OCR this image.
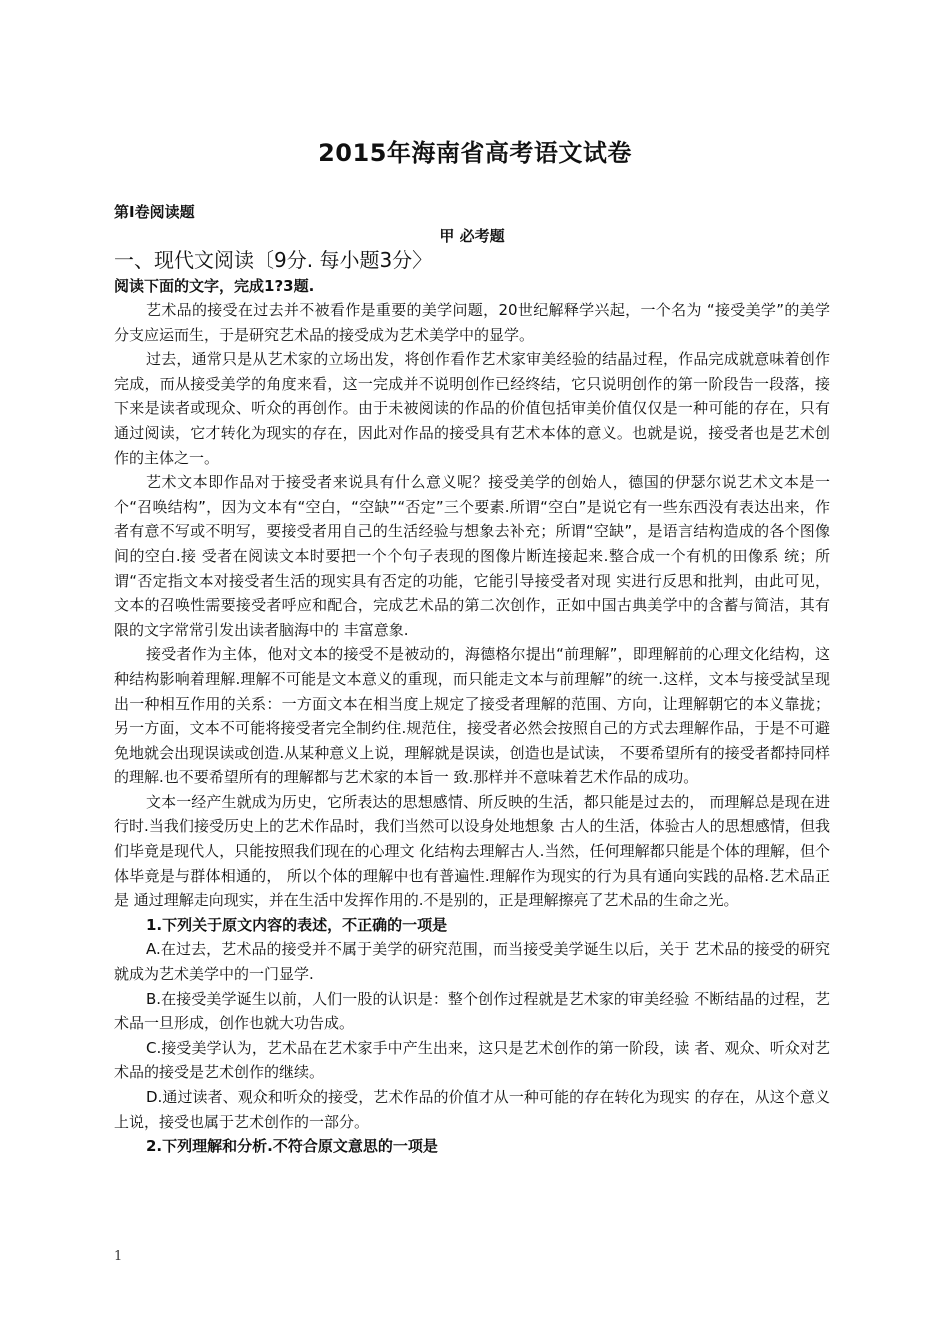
2015年海南省高考语文试卷
第Ⅰ卷阅读题
甲 必考题
一、现代文阅读〔9分. 每小题3分〉
阅读下面的文字，完成1?3题.

艺术品的接受在过去并不被看作是重要的美学问题，20世纪解释学兴起，一个名为 “接受美学”的美学分支应运而生，于是研究艺术品的接受成为艺术美学中的显学。

过去，通常只是从艺术家的立场出发，将创作看作艺术家审美经验的结晶过程，作品完成就意味着创作完成，而从接受美学的角度来看，这一完成并不说明创作已经终结，它只说明创作的第一阶段告一段落，接下来是读者或现众、听众的再创作。由于未被阅读的作品的价值包括审美价值仅仅是一种可能的存在，只有通过阅读，它才转化为现实的存在，因此对作品的接受具有艺术本体的意义。也就是说，接受者也是艺术创作的主体之一。

艺术文本即作品对于接受者来说具有什么意义呢？接受美学的创始人，德国的伊瑟尔说艺术文本是一个“召唤结构”，因为文本有“空白，“空缺”“否定”三个要素.所谓“空白”是说它有一些东西没有表达出来，作者有意不写或不明写，要接受者用自己的生活经验与想象去补充；所谓“空缺”，是语言结构造成的各个图像间的空白.接 受者在阅读文本时要把一个个句子表现的图像片断连接起来.整合成一个有机的田像系 统；所谓“否定指文本对接受者生活的现实具有否定的功能，它能引导接受者对现 实进行反思和批判，由此可见，文本的召唤性需要接受者呼应和配合，完成艺术品的第二次创作，正如中国古典美学中的含蓄与简洁，其有限的文字常常引发出读者脑海中的 丰富意象.

接受者作为主体，他对文本的接受不是被动的，海德格尔提出“前理解”，即理解前的心理文化结构，这种结构影响着理解.理解不可能是文本意义的重现，而只能走文本与前理解”的统一.这样，文本与接受試呈现出一种相互作用的关系：一方面文本在相当度上规定了接受者理解的范围、方向，让理解朝它的本义靠拢；另一方面，文本不可能将接受者完全制约住.规范住，接受者必然会按照自己的方式去理解作品，于是不可避免地就会出现误读或创造.从某种意义上说，理解就是误读，创造也是试读， 不要希望所有的接受者都持同样的理解.也不要希望所有的理解都与艺术家的本旨一 致.那样并不意味着艺术作品的成功。

文本一经产生就成为历史，它所表达的思想感情、所反映的生活，都只能是过去的， 而理解总是现在进行时.当我们接受历史上的艺术作品时，我们当然可以设身处地想象 古人的生活，体验古人的思想感情，但我们毕竟是现代人，只能按照我们现在的心理文 化结构去理解古人.当然，任何理解都只能是个体的理解，但个体毕竟是与群体相通的， 所以个体的理解中也有普遍性.理解作为现实的行为具有通向实践的品格.艺术品正是 通过理解走向现实，并在生活中发挥作用的.不是别的，正是理解擦亮了艺术品的生命之光。

1.下列关于原文内容的表述，不正确的一项是

A.在过去，艺术品的接受并不属于美学的研究范围，而当接受美学诞生以后，关于 艺术品的接受的研究就成为艺术美学中的一门显学.

B.在接受美学诞生以前，人们一股的认识是：整个创作过程就是艺术家的审美经验 不断结晶的过程，艺术品一旦形成，创作也就大功告成。

C.接受美学认为，艺术品在艺术家手中产生出来，这只是艺术创作的第一阶段，读 者、观众、听众对艺术品的接受是艺术创作的继续。

D.通过读者、观众和听众的接受，艺术作品的价值才从一种可能的存在转化为现实 的存在，从这个意义上说，接受也属于艺术创作的一部分。

2.下列理解和分析.不符合原文意思的一项是

1
